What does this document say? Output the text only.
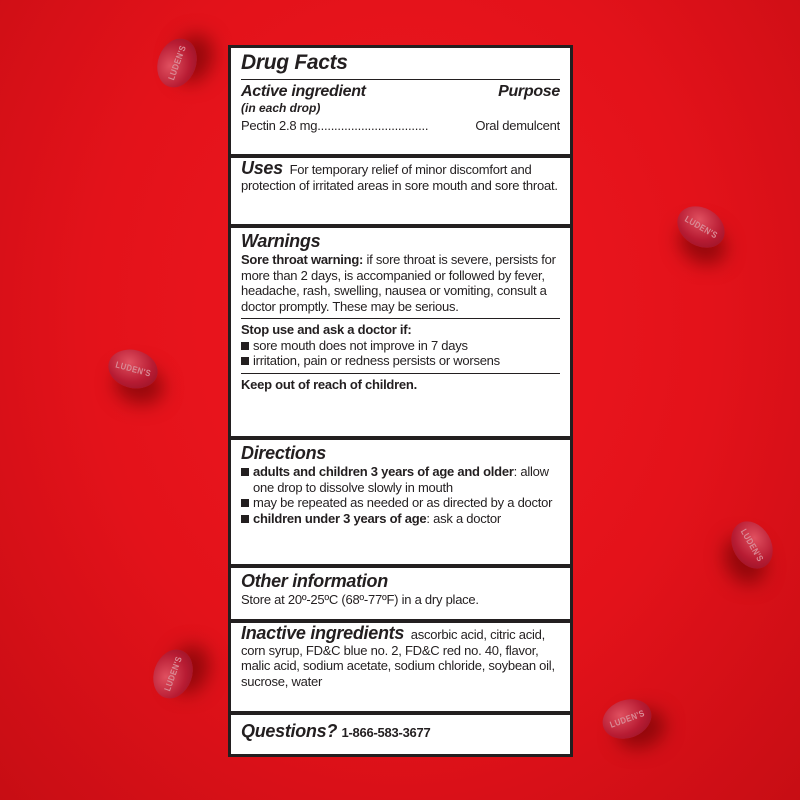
LUDEN'S
LUDEN'S
LUDEN'S
LUDEN'S
LUDEN'S
LUDEN'S
Drug Facts
Active ingredient	Purpose
(in each drop)
Pectin 2.8 mg .................................	Oral demulcent
Uses For temporary relief of minor discomfort and protection of irritated areas in sore mouth and sore throat.
Warnings
Sore throat warning: if sore throat is severe, persists for more than 2 days, is accompanied or followed by fever, headache, rash, swelling, nausea or vomiting, consult a doctor promptly. These may be serious.
Stop use and ask a doctor if:
sore mouth does not improve in 7 days
irritation, pain or redness persists or worsens
Keep out of reach of children.
Directions
adults and children 3 years of age and older: allow one drop to dissolve slowly in mouth
may be repeated as needed or as directed by a doctor
children under 3 years of age: ask a doctor
Other information
Store at 20º-25ºC (68º-77ºF) in a dry place.
Inactive ingredients ascorbic acid, citric acid, corn syrup, FD&C blue no. 2, FD&C red no. 40, flavor, malic acid, sodium acetate, sodium chloride, soybean oil, sucrose, water
Questions? 1-866-583-3677
